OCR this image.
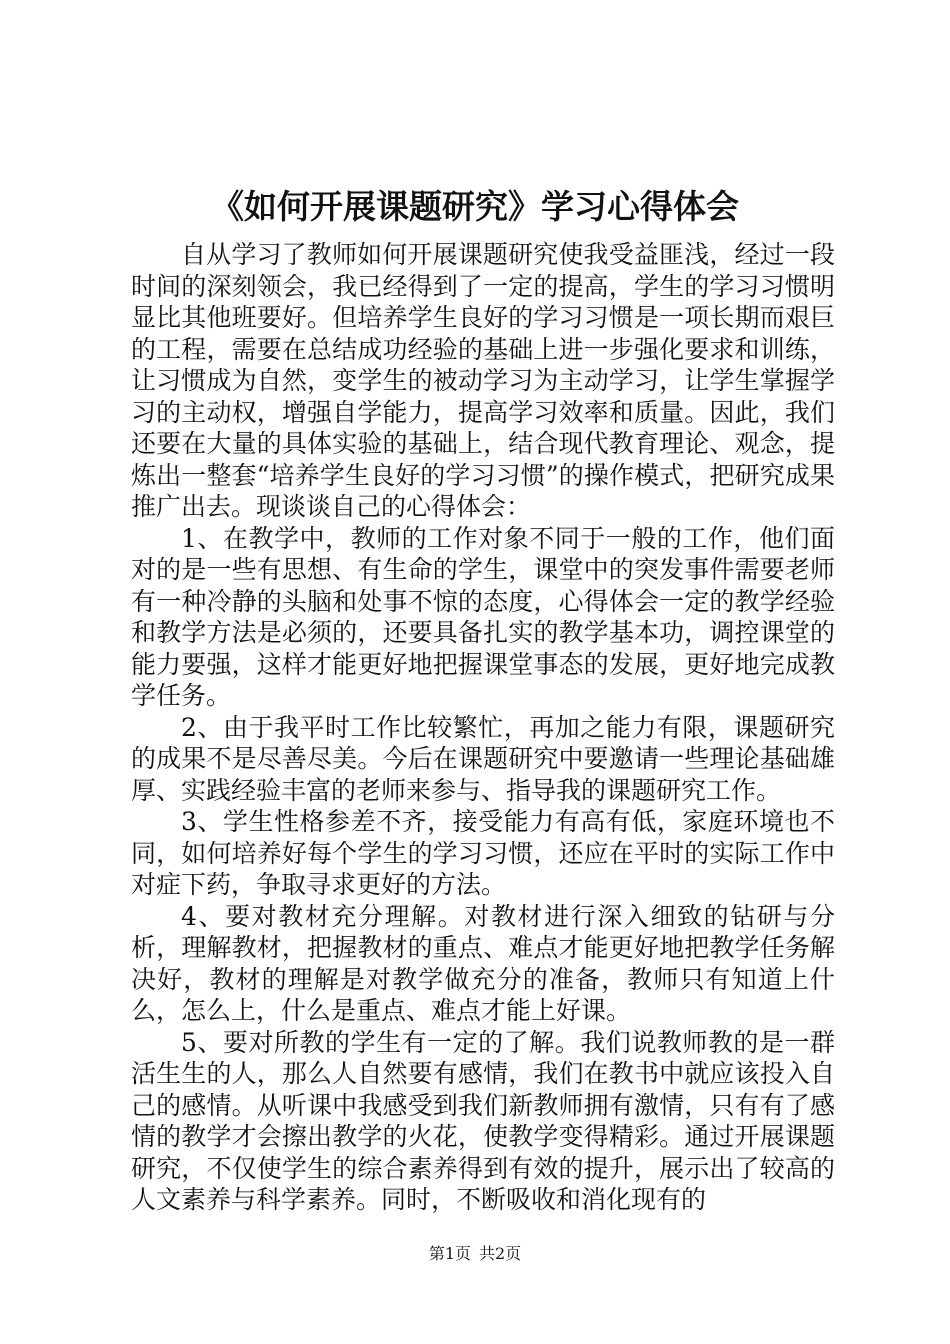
《如何开展课题研究》学习心得体会

自从学习了教师如何开展课题研究使我受益匪浅，经过一段时间的深刻领会，我已经得到了一定的提高，学生的学习习惯明显比其他班要好。但培养学生良好的学习习惯是一项长期而艰巨的工程，需要在总结成功经验的基础上进一步强化要求和训练，让习惯成为自然，变学生的被动学习为主动学习，让学生掌握学习的主动权，增强自学能力，提高学习效率和质量。因此，我们还要在大量的具体实验的基础上，结合现代教育理论、观念，提炼出一整套“培养学生良好的学习习惯”的操作模式，把研究成果推广出去。现谈谈自己的心得体会：

1、在教学中，教师的工作对象不同于一般的工作，他们面对的是一些有思想、有生命的学生，课堂中的突发事件需要老师有一种冷静的头脑和处事不惊的态度，心得体会一定的教学经验和教学方法是必须的，还要具备扎实的教学基本功，调控课堂的能力要强，这样才能更好地把握课堂事态的发展，更好地完成教学任务。

2、由于我平时工作比较繁忙，再加之能力有限，课题研究的成果不是尽善尽美。今后在课题研究中要邀请一些理论基础雄厚、实践经验丰富的老师来参与、指导我的课题研究工作。

3、学生性格参差不齐，接受能力有高有低，家庭环境也不同，如何培养好每个学生的学习习惯，还应在平时的实际工作中对症下药，争取寻求更好的方法。

4、要对教材充分理解。对教材进行深入细致的钻研与分析，理解教材，把握教材的重点、难点才能更好地把教学任务解决好，教材的理解是对教学做充分的准备，教师只有知道上什么，怎么上，什么是重点、难点才能上好课。

5、要对所教的学生有一定的了解。我们说教师教的是一群活生生的人，那么人自然要有感情，我们在教书中就应该投入自己的感情。从听课中我感受到我们新教师拥有激情，只有有了感情的教学才会擦出教学的火花，使教学变得精彩。通过开展课题研究，不仅使学生的综合素养得到有效的提升，展示出了较高的人文素养与科学素养。同时，不断吸收和消化现有的

第1页 共2页
